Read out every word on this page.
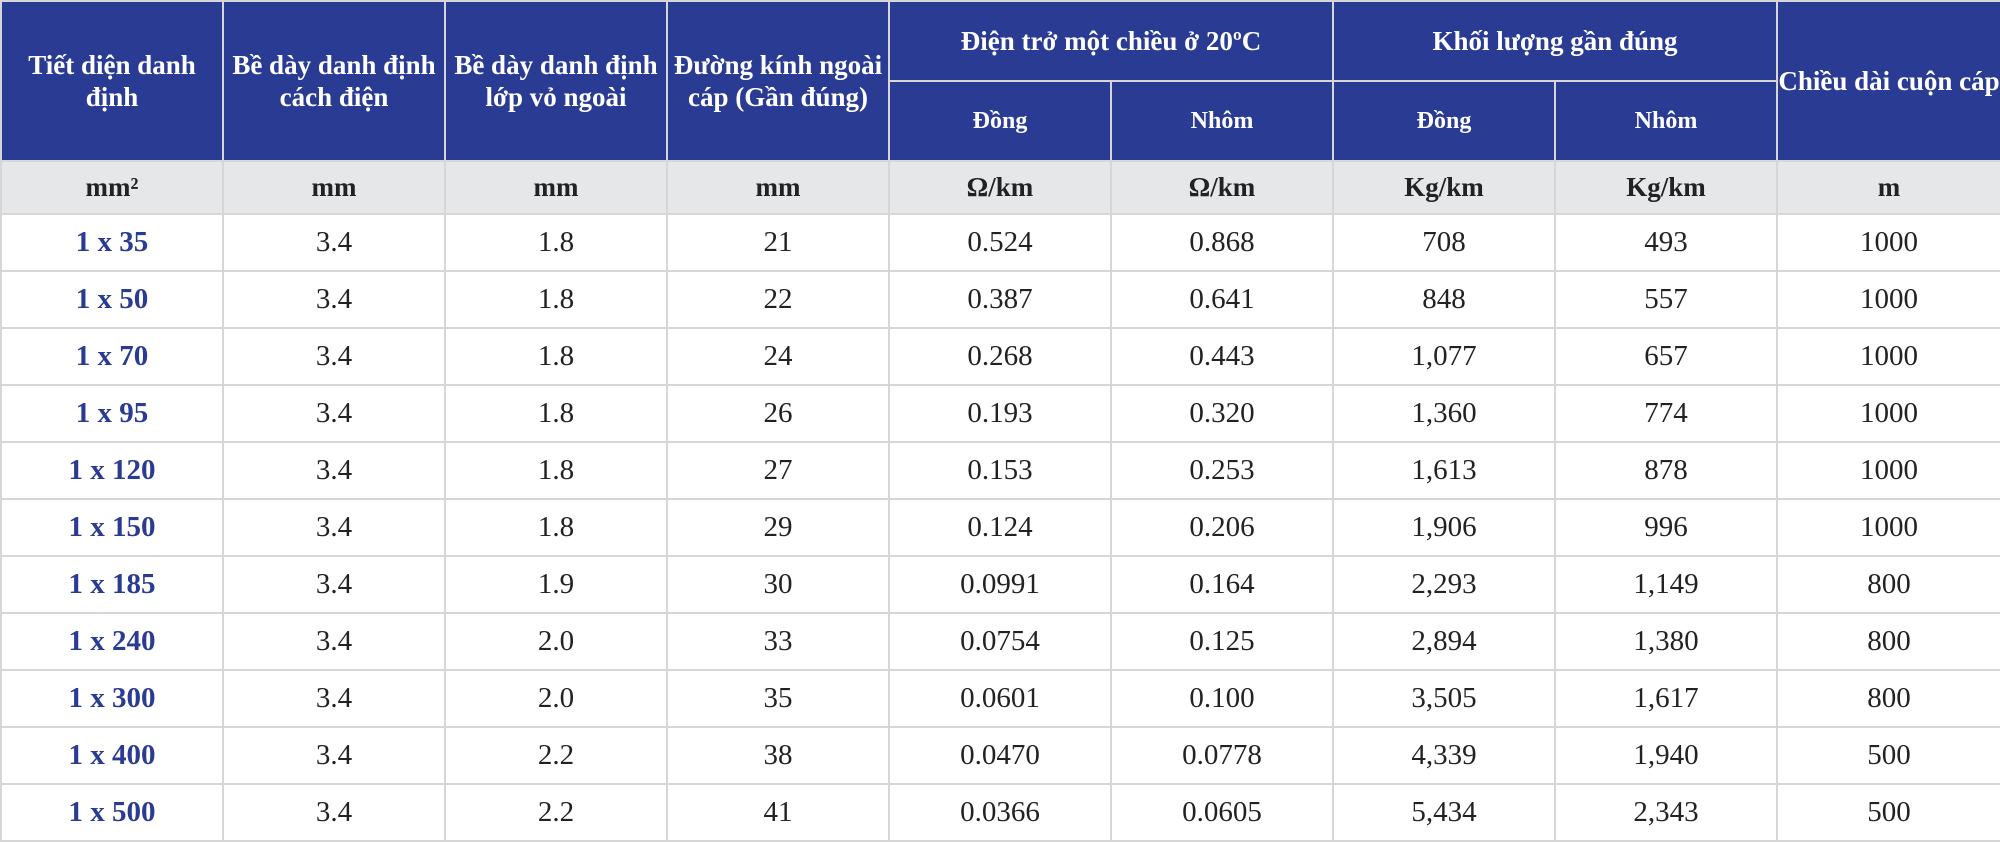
Tiết diện danh định	Bề dày danh định cách điện	Bề dày danh định lớp vỏ ngoài	Đường kính ngoài cáp (Gần đúng)	Điện trở một chiều ở 20ºC		Khối lượng gần đúng		Chiều dài cuộn cáp
				Đồng	Nhôm	Đồng	Nhôm	
mm²	mm	mm	mm	Ω/km	Ω/km	Kg/km	Kg/km	m
1 x 35	3.4	1.8	21	0.524	0.868	708	493	1000
1 x 50	3.4	1.8	22	0.387	0.641	848	557	1000
1 x 70	3.4	1.8	24	0.268	0.443	1,077	657	1000
1 x 95	3.4	1.8	26	0.193	0.320	1,360	774	1000
1 x 120	3.4	1.8	27	0.153	0.253	1,613	878	1000
1 x 150	3.4	1.8	29	0.124	0.206	1,906	996	1000
1 x 185	3.4	1.9	30	0.0991	0.164	2,293	1,149	800
1 x 240	3.4	2.0	33	0.0754	0.125	2,894	1,380	800
1 x 300	3.4	2.0	35	0.0601	0.100	3,505	1,617	800
1 x 400	3.4	2.2	38	0.0470	0.0778	4,339	1,940	500
1 x 500	3.4	2.2	41	0.0366	0.0605	5,434	2,343	500
